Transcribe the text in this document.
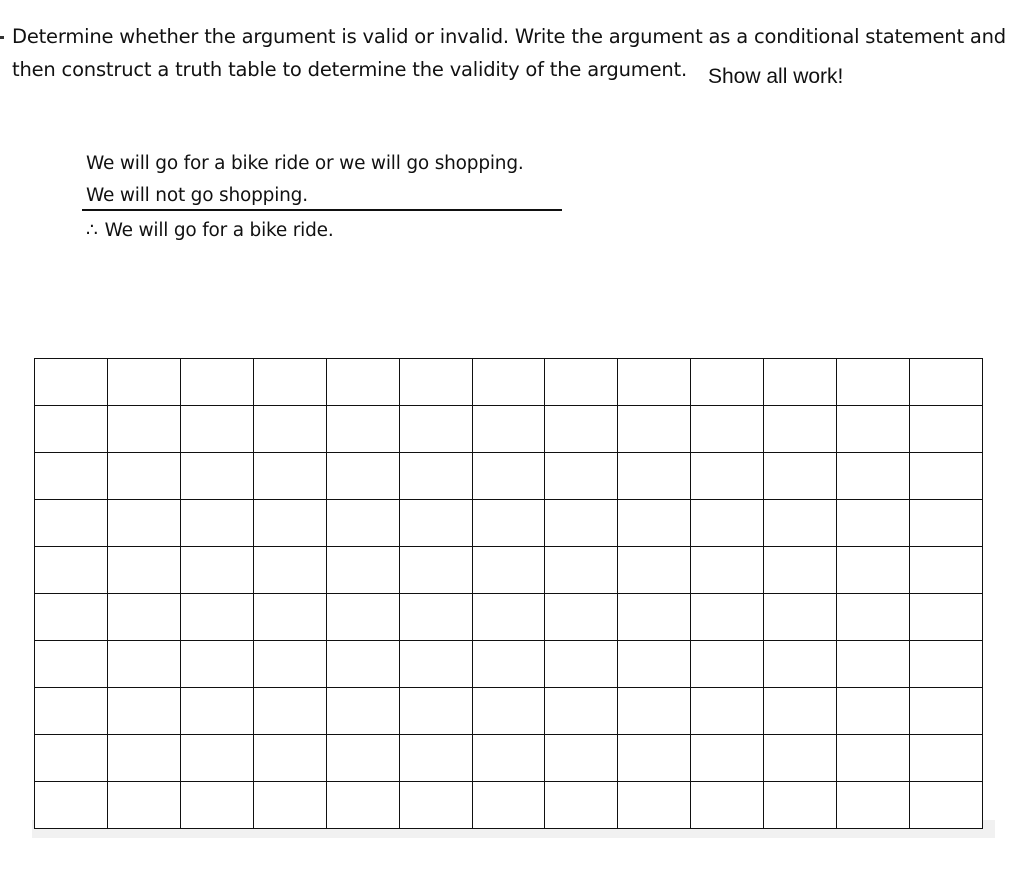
Determine whether the argument is valid or invalid. Write the argument as a conditional statement and
then construct a truth table to determine the validity of the argument. Show all work!
We will go for a bike ride or we will go shopping.
We will not go shopping.
∴ We will go for a bike ride.
